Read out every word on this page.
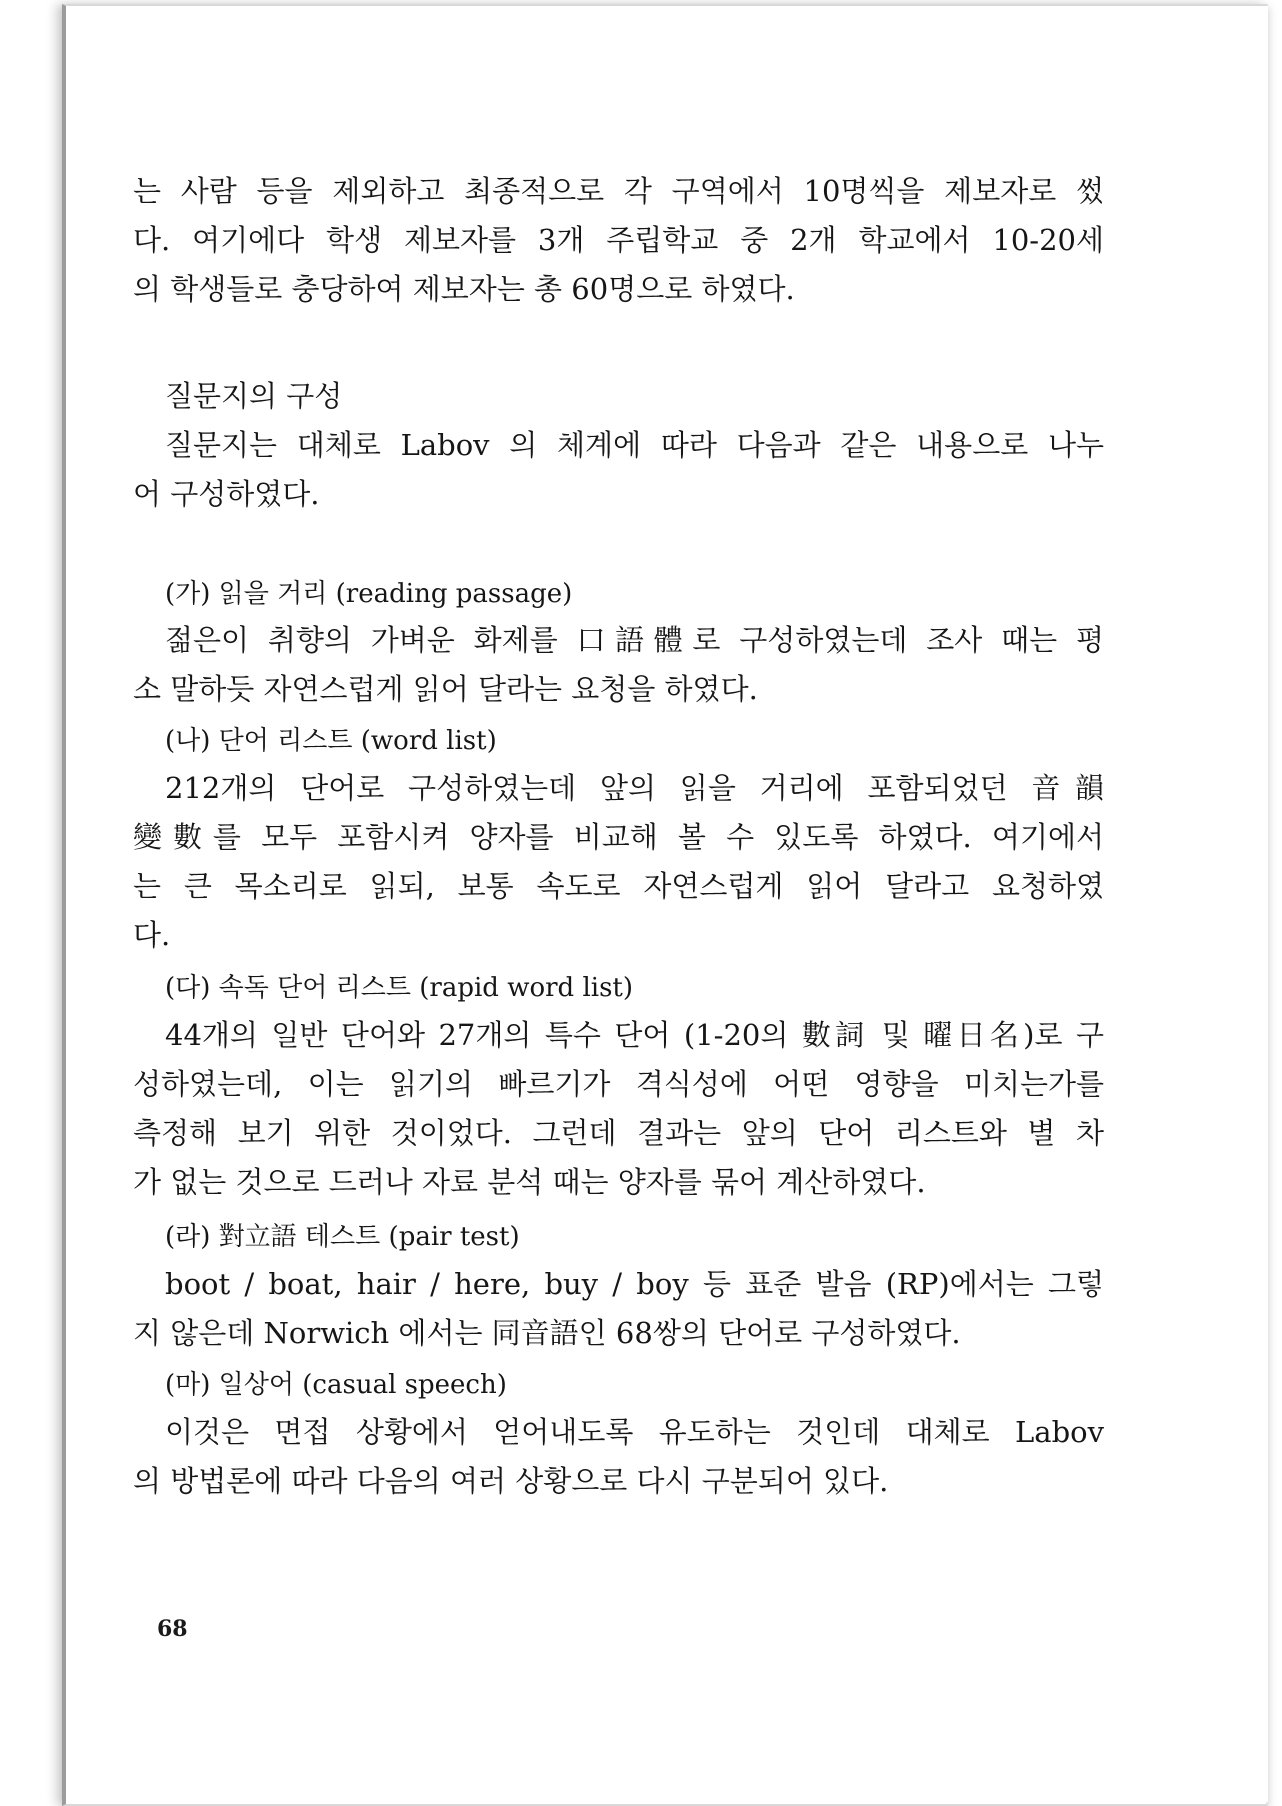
는 사람 등을 제외하고 최종적으로 각 구역에서 10명씩을 제보자로 썼
다. 여기에다 학생 제보자를 3개 주립학교 중 2개 학교에서 10-20세
의 학생들로 충당하여 제보자는 총 60명으로 하였다.
질문지의 구성
질문지는 대체로 Labov 의 체계에 따라 다음과 같은 내용으로 나누
어 구성하였다.
(가) 읽을 거리 (reading passage)
젊은이 취향의 가벼운 화제를 口語體로 구성하였는데 조사 때는 평
소 말하듯 자연스럽게 읽어 달라는 요청을 하였다.
(나) 단어 리스트 (word list)
212개의 단어로 구성하였는데 앞의 읽을 거리에 포함되었던 音韻
變數를 모두 포함시켜 양자를 비교해 볼 수 있도록 하였다. 여기에서
는 큰 목소리로 읽되, 보통 속도로 자연스럽게 읽어 달라고 요청하였
다.
(다) 속독 단어 리스트 (rapid word list)
44개의 일반 단어와 27개의 특수 단어 (1-20의 數詞 및 曜日名)로 구
성하였는데, 이는 읽기의 빠르기가 격식성에 어떤 영향을 미치는가를
측정해 보기 위한 것이었다. 그런데 결과는 앞의 단어 리스트와 별 차
가 없는 것으로 드러나 자료 분석 때는 양자를 묶어 계산하였다.
(라) 對立語 테스트 (pair test)
boot / boat, hair / here, buy / boy 등 표준 발음 (RP)에서는 그렇
지 않은데 Norwich 에서는 同音語인 68쌍의 단어로 구성하였다.
(마) 일상어 (casual speech)
이것은 면접 상황에서 얻어내도록 유도하는 것인데 대체로 Labov
의 방법론에 따라 다음의 여러 상황으로 다시 구분되어 있다.
68
